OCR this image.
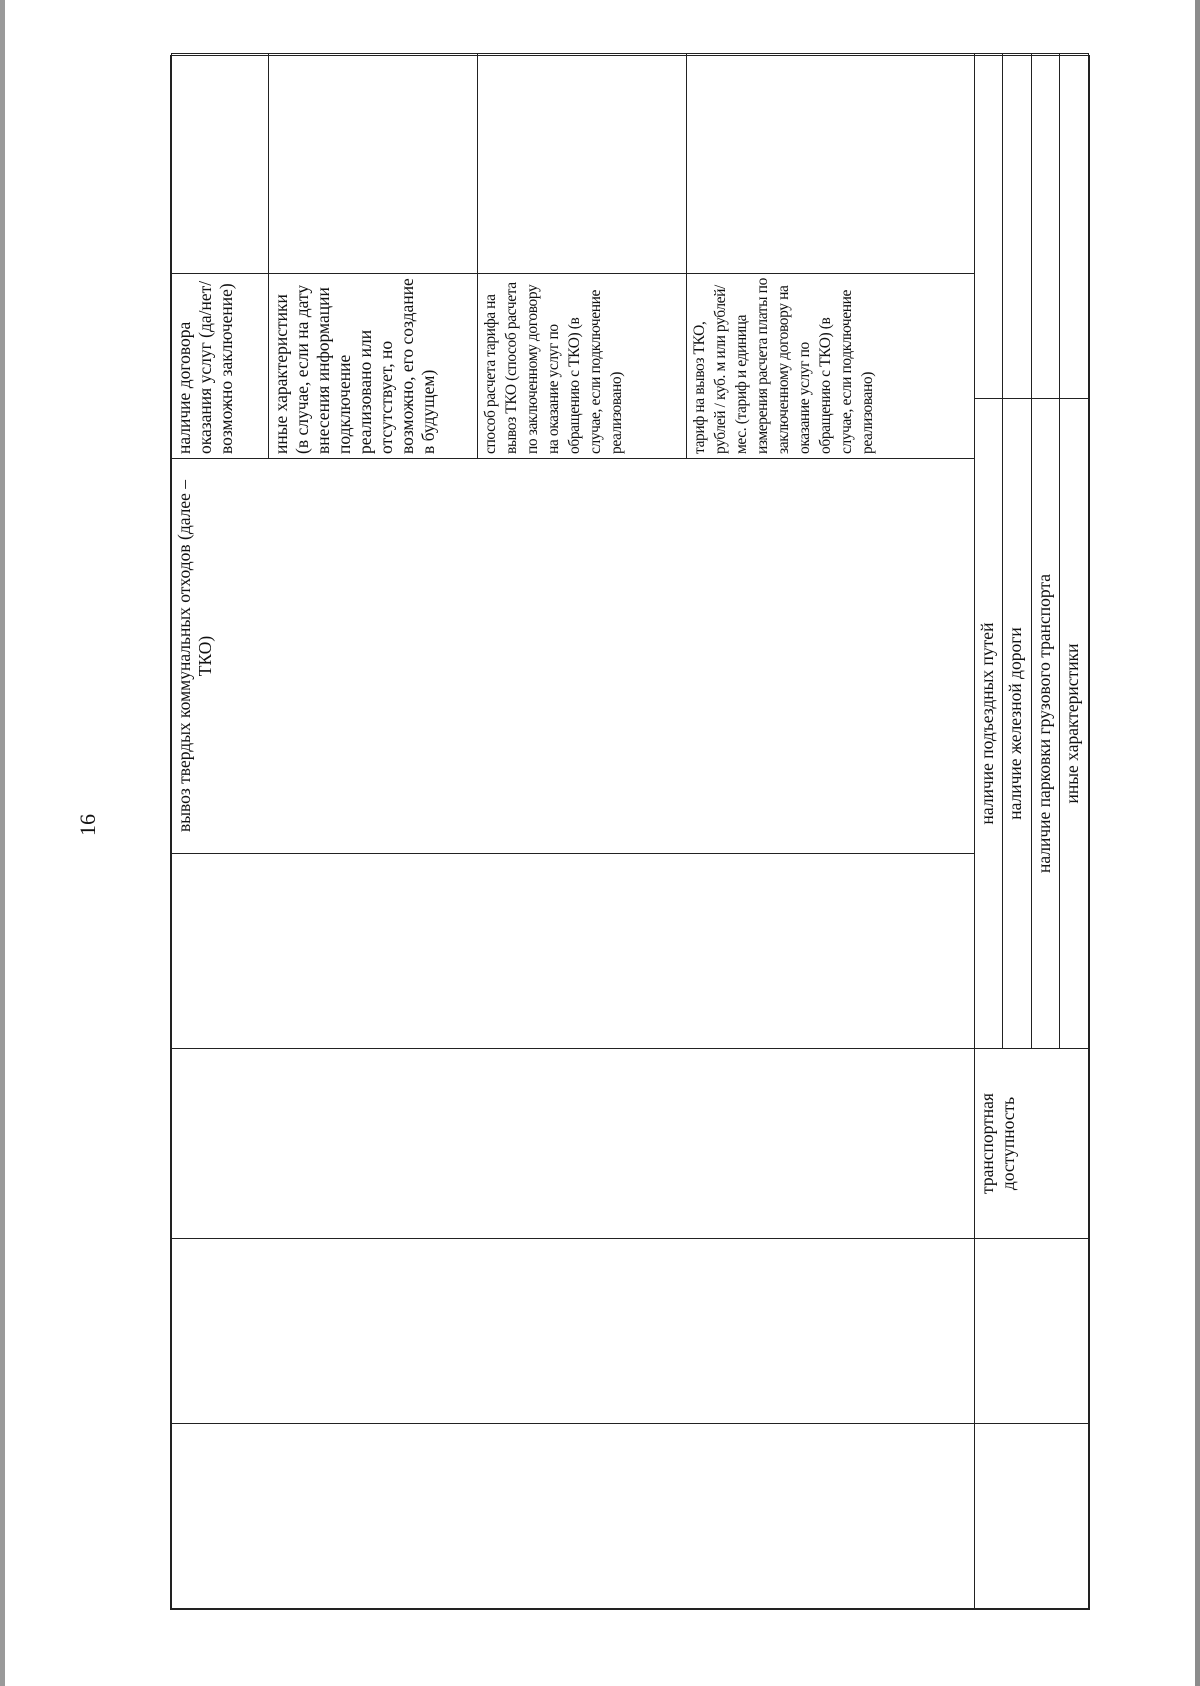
16
					вывоз твердых коммунальных отходов (далее – ТКО)	наличие договора оказания услуг (да/нет/возможно заключение)		
					иные характеристики (в случае, если на дату внесения информации подключение реализовано или отсутствует, но возможно, его создание в будущем)		
					способ расчета тарифа на вывоз ТКО (способ расчета по заключенному договору на оказание услуг по обращению с ТКО) (в случае, если подключение реализовано)		
					тариф на вывоз ТКО, рублей / куб. м или рублей/мес. (тариф и единица измерения расчета платы по заключенному договору на оказание услуг по обращению с ТКО) (в случае, если подключение реализовано)		
		транспортная доступность	наличие подъездных путей				
			наличие железной дороги				
			наличие парковки грузового транспорта				
			иные характеристики				
